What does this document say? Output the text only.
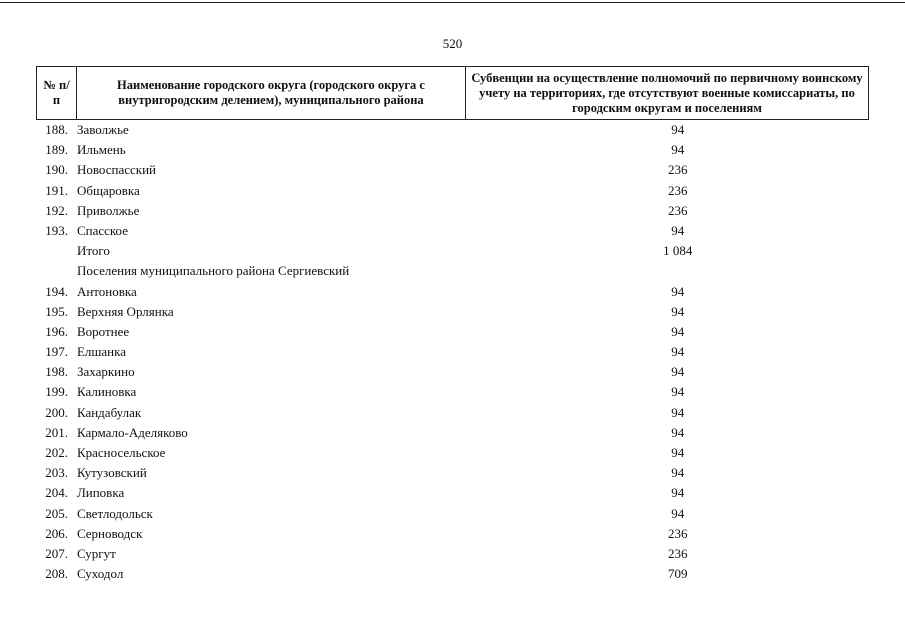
520
№ п/п	Наименование городского округа (городского округа с внутригородским делением), муниципального района	Субвенции на осуществление полномочий по первичному воинскому учету на территориях, где отсутствуют военные комиссариаты, по городским округам и поселениям
188. Заволжье	94
189. Ильмень	94
190. Новоспасский	236
191. Общаровка	236
192. Приволжье	236
193. Спасское	94
Итого	1 084
Поселения муниципального района Сергиевский
194. Антоновка	94
195. Верхняя Орлянка	94
196. Воротнее	94
197. Елшанка	94
198. Захаркино	94
199. Калиновка	94
200. Кандабулак	94
201. Кармало-Аделяково	94
202. Красносельское	94
203. Кутузовский	94
204. Липовка	94
205. Светлодольск	94
206. Серноводск	236
207. Сургут	236
208. Суходол	709
